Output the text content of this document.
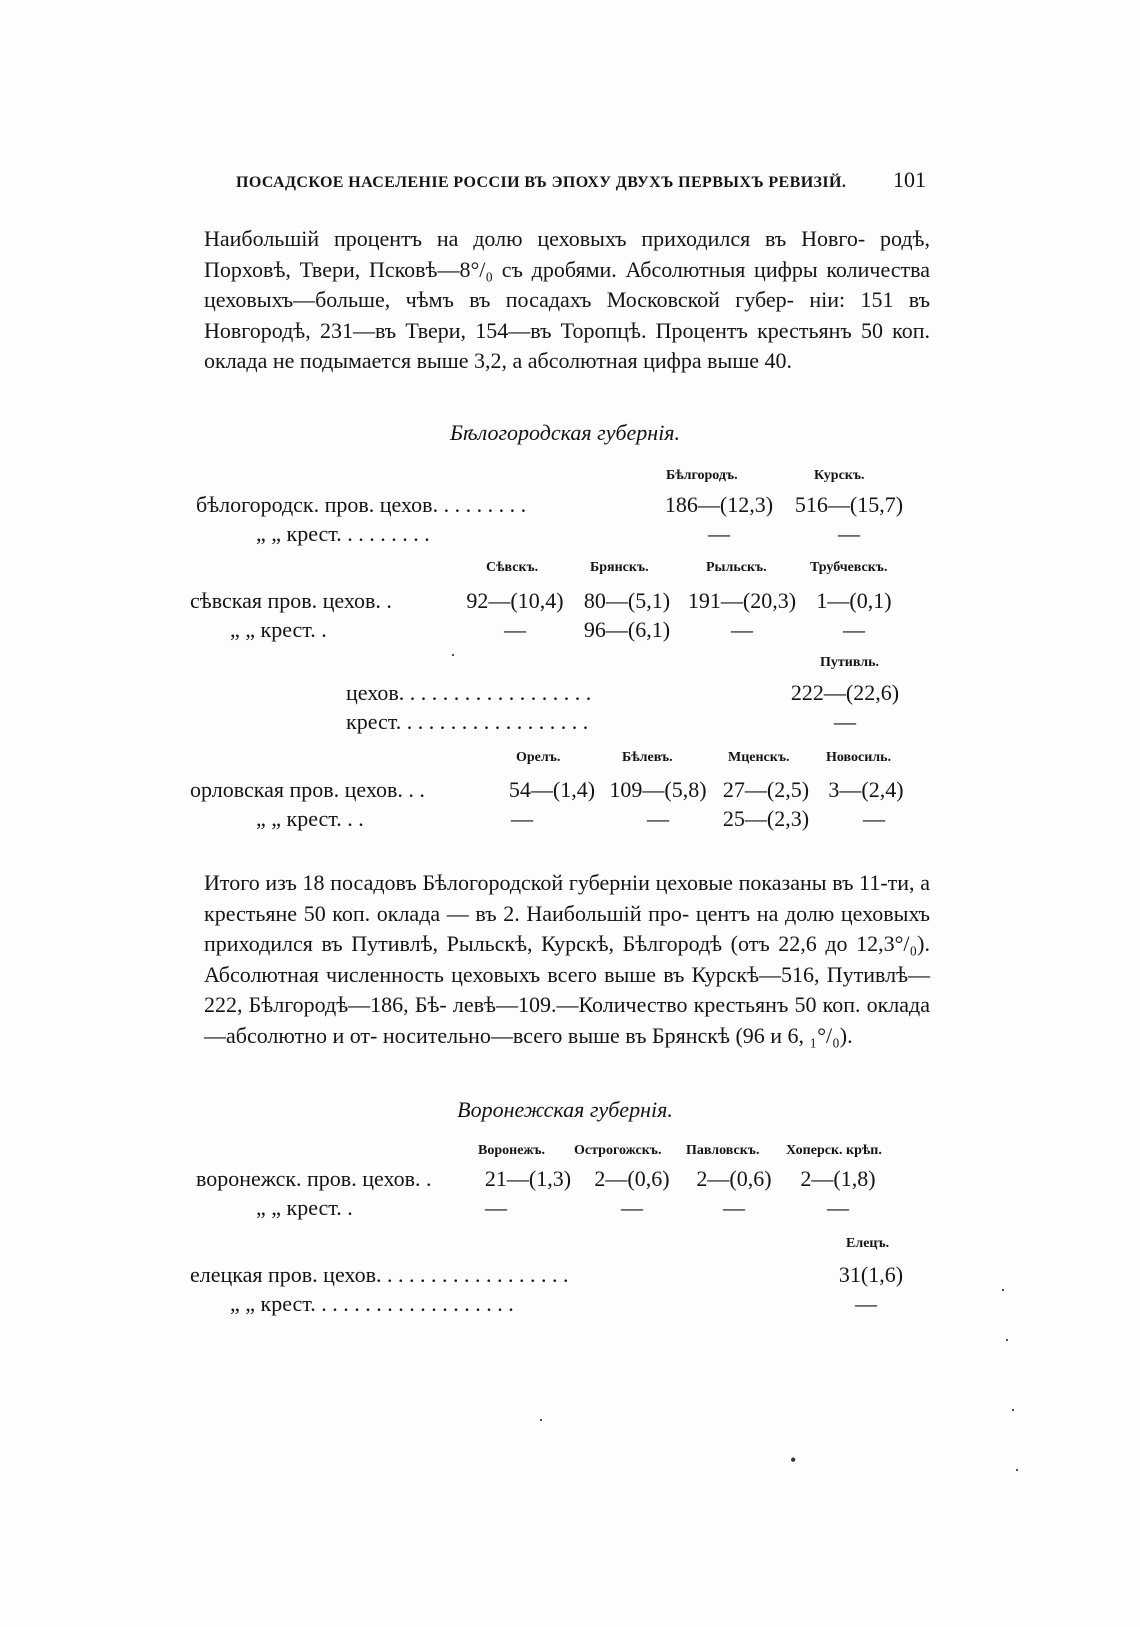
ПОСАДСКОЕ НАСЕЛЕНІЕ РОССІИ ВЪ ЭПОХУ ДВУХЪ ПЕРВЫХЪ РЕВИЗІЙ. 101

Наибольшій процентъ на долю цеховыхъ приходился въ Новго- родѣ, Порховѣ, Твери, Псковѣ—8°/₀ съ дробями. Абсолютныя цифры количества цеховыхъ—больше, чѣмъ въ посадахъ Московской губер- ніи: 151 въ Новгородѣ, 231—въ Твери, 154—въ Торопцѣ. Процентъ крестьянъ 50 коп. оклада не подымается выше 3,2, а абсолютная цифра выше 40.

Бѣлогородская губернія.
Бѣлгородъ.	Курскъ.
бѣлогородск. пров. цехов. . . . . . . . .	186—(12,3) 516—(15,7)
„ „ крест. . . . . . . . .	—	—
Сѣвскъ.	Брянскъ.	Рыльскъ.	Трубчевскъ.
сѣвская пров. цехов. .	92—(10,4) 80—(5,1) 191—(20,3) 1—(0,1)
„ „ крест. .	—	96—(6,1)	—	—
Путивль.
цехов. . . . . . . . . . . . . . . . . .	222—(22,6)
крест. . . . . . . . . . . . . . . . . .	—
Орелъ.	Бѣлевъ.	Мценскъ.	Новосиль.
орловская пров. цехов. . .	54—(1,4) 109—(5,8) 27—(2,5) 3—(2,4)
„ „ крест. . .	—	—	25—(2,3)	—

Итого изъ 18 посадовъ Бѣлогородской губерніи цеховые показаны въ 11-ти, а крестьяне 50 коп. оклада — въ 2. Наибольшій про- центъ на долю цеховыхъ приходился въ Путивлѣ, Рыльскѣ, Курскѣ, Бѣлгородѣ (отъ 22,6 до 12,3°/₀). Абсолютная численность цеховыхъ всего выше въ Курскѣ—516, Путивлѣ—222, Бѣлгородѣ—186, Бѣ- левѣ—109.—Количество крестьянъ 50 коп. оклада—абсолютно и от- носительно—всего выше въ Брянскѣ (96 и 6, ₁°/₀).

Воронежская губернія.
Воронежъ. Острогожскъ. Павловскъ. Хоперск. крѣп.
воронежск. пров. цехов. .	21—(1,3)	2—(0,6)	2—(0,6)	2—(1,8)
„ „ крест. .	—	—	—	—
Елецъ.
елецкая пров. цехов. . . . . . . . . . . . . . . . . .	31(1,6)
„ „ крест. . . . . . . . . . . . . . . . . . .	—
·
·
·
·
•
·
·
